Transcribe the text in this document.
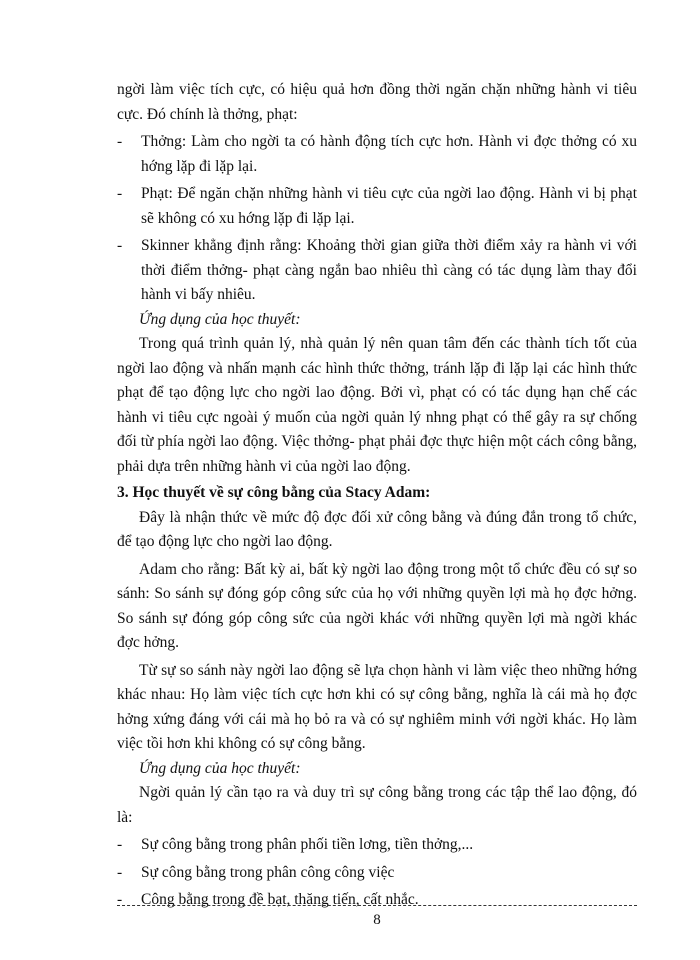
ngời làm việc tích cực, có hiệu quả hơn đồng thời ngăn chặn những hành vi tiêu cực. Đó chính là thởng, phạt:

- Thởng: Làm cho ngời ta có hành động tích cực hơn. Hành vi đợc thởng có xu hớng lặp đi lặp lại.
- Phạt: Để ngăn chặn những hành vi tiêu cực của ngời lao động. Hành vi bị phạt sẽ không có xu hớng lặp đi lặp lại.
- Skinner khẳng định rằng: Khoảng thời gian giữa thời điểm xảy ra hành vi với thời điểm thởng- phạt càng ngắn bao nhiêu thì càng có tác dụng làm thay đổi hành vi bấy nhiêu.

Ứng dụng của học thuyết:

Trong quá trình quản lý, nhà quản lý nên quan tâm đến các thành tích tốt của ngời lao động và nhấn mạnh các hình thức thởng, tránh lặp đi lặp lại các hình thức phạt để tạo động lực cho ngời lao động. Bởi vì, phạt có có tác dụng hạn chế các hành vi tiêu cực ngoài ý muốn của ngời quản lý nhng phạt có thể gây ra sự chống đối từ phía ngời lao động. Việc thởng- phạt phải đợc thực hiện một cách công bằng, phải dựa trên những hành vi của ngời lao động.

3. Học thuyết về sự công bằng của Stacy Adam:

Đây là nhận thức về mức độ đợc đối xử công bằng và đúng đắn trong tổ chức, để tạo động lực cho ngời lao động.

Adam cho rằng: Bất kỳ ai, bất kỳ ngời lao động trong một tổ chức đều có sự so sánh: So sánh sự đóng góp công sức của họ với những quyền lợi mà họ đợc hởng. So sánh sự đóng góp công sức của ngời khác với những quyền lợi mà ngời khác đợc hởng.

Từ sự so sánh này ngời lao động sẽ lựa chọn hành vi làm việc theo những hớng khác nhau: Họ làm việc tích cực hơn khi có sự công bằng, nghĩa là cái mà họ đợc hởng xứng đáng với cái mà họ bỏ ra và có sự nghiêm minh với ngời khác. Họ làm việc tồi hơn khi không có sự công bằng.

Ứng dụng của học thuyết:

Ngời quản lý cần tạo ra và duy trì sự công bằng trong các tập thể lao động, đó là:

- Sự công bằng trong phân phối tiền lơng, tiền thởng,...
- Sự công bằng trong phân công công việc
- Công bằng trong đề bạt, thăng tiến, cất nhắc.
8
